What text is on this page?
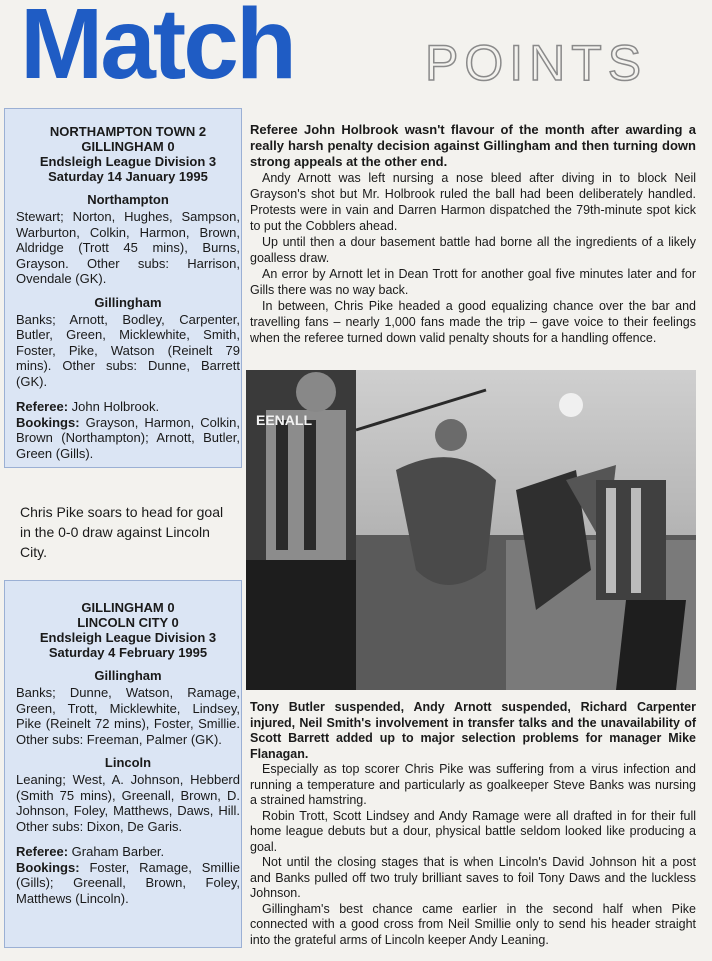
Match	POINTS
NORTHAMPTON TOWN 2
GILLINGHAM 0
Endsleigh League Division 3
Saturday 14 January 1995
Northampton

Stewart; Norton, Hughes, Sampson, Warburton, Colkin, Harmon, Brown, Aldridge (Trott 45 mins), Burns, Grayson. Other subs: Harrison, Ovendale (GK).

Gillingham

Banks; Arnott, Bodley, Carpenter, Butler, Green, Micklewhite, Smith, Foster, Pike, Watson (Reinelt 79 mins). Other subs: Dunne, Barrett (GK).

Referee: John Holbrook.

Bookings: Grayson, Harmon, Colkin, Brown (Northampton); Arnott, Butler, Green (Gills).

Chris Pike soars to head for goal in the 0-0 draw against Lincoln City.
GILLINGHAM 0
LINCOLN CITY 0
Endsleigh League Division 3
Saturday 4 February 1995
Gillingham

Banks; Dunne, Watson, Ramage, Green, Trott, Micklewhite, Lindsey, Pike (Reinelt 72 mins), Foster, Smillie. Other subs: Freeman, Palmer (GK).

Lincoln

Leaning; West, A. Johnson, Hebberd (Smith 75 mins), Greenall, Brown, D. Johnson, Foley, Matthews, Daws, Hill. Other subs: Dixon, De Garis.

Referee: Graham Barber.

Bookings: Foster, Ramage, Smillie (Gills); Greenall, Brown, Foley, Matthews (Lincoln).

Referee John Holbrook wasn't flavour of the month after awarding a really harsh penalty decision against Gillingham and then turning down strong appeals at the other end.

Andy Arnott was left nursing a nose bleed after diving in to block Neil Grayson's shot but Mr. Holbrook ruled the ball had been deliberately handled. Protests were in vain and Darren Harmon dispatched the 79th-minute spot kick to put the Cobblers ahead.

Up until then a dour basement battle had borne all the ingredients of a likely goalless draw.

An error by Arnott let in Dean Trott for another goal five minutes later and for Gills there was no way back.

In between, Chris Pike headed a good equalizing chance over the bar and travelling fans – nearly 1,000 fans made the trip – gave voice to their feelings when the referee turned down valid penalty shouts for a handling offence.

EENALL

Tony Butler suspended, Andy Arnott suspended, Richard Carpenter injured, Neil Smith's involvement in transfer talks and the unavailability of Scott Barrett added up to major selection problems for manager Mike Flanagan.

Especially as top scorer Chris Pike was suffering from a virus infection and running a temperature and particularly as goalkeeper Steve Banks was nursing a strained hamstring.

Robin Trott, Scott Lindsey and Andy Ramage were all drafted in for their full home league debuts but a dour, physical battle seldom looked like producing a goal.

Not until the closing stages that is when Lincoln's David Johnson hit a post and Banks pulled off two truly brilliant saves to foil Tony Daws and the luckless Johnson.

Gillingham's best chance came earlier in the second half when Pike connected with a good cross from Neil Smillie only to send his header straight into the grateful arms of Lincoln keeper Andy Leaning.
